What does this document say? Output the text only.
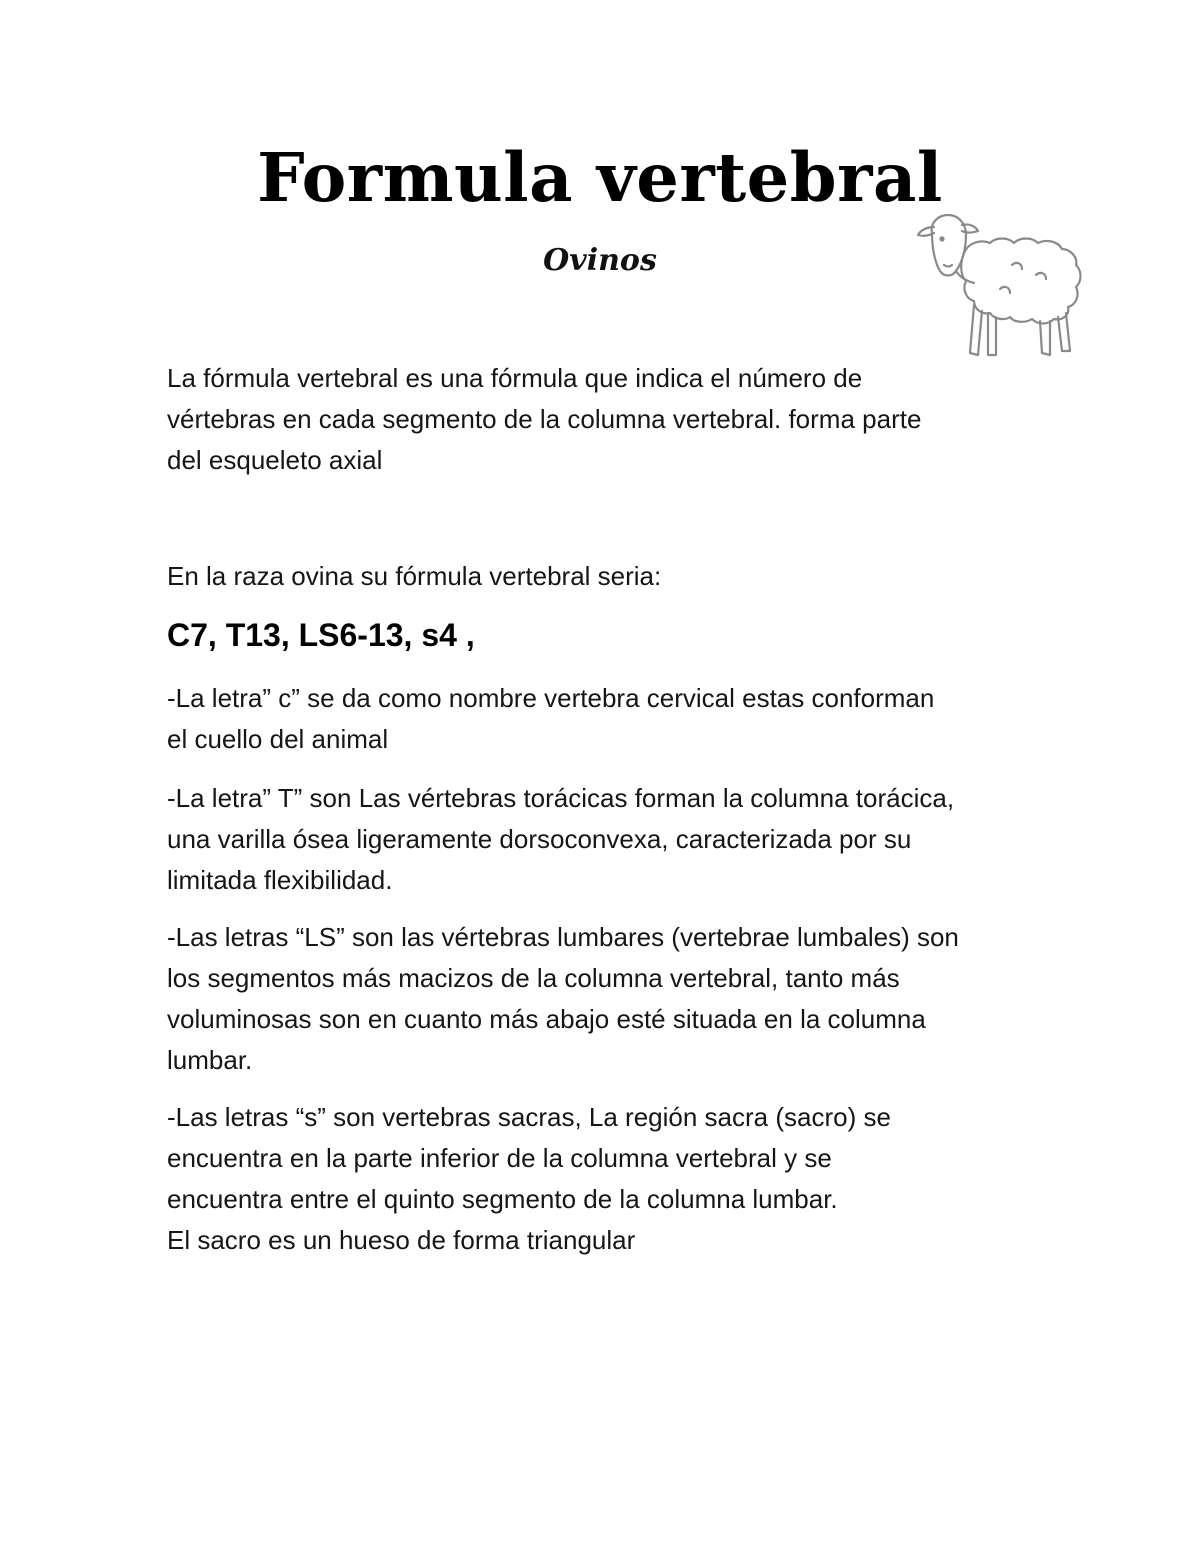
Formula vertebral
Ovinos

La fórmula vertebral es una fórmula que indica el número de
vértebras en cada segmento de la columna vertebral. forma parte
del esqueleto axial

En la raza ovina su fórmula vertebral seria:

C7, T13, LS6-13, s4 ,

-La letra” c” se da como nombre vertebra cervical estas conforman
el cuello del animal

-La letra” T” son Las vértebras torácicas forman la columna torácica,
una varilla ósea ligeramente dorsoconvexa, caracterizada por su
limitada flexibilidad.

-Las letras “LS” son las vértebras lumbares (vertebrae lumbales) son
los segmentos más macizos de la columna vertebral, tanto más
voluminosas son en cuanto más abajo esté situada en la columna
lumbar.

-Las letras “s” son vertebras sacras, La región sacra (sacro) se
encuentra en la parte inferior de la columna vertebral y se
encuentra entre el quinto segmento de la columna lumbar.
El sacro es un hueso de forma triangular
